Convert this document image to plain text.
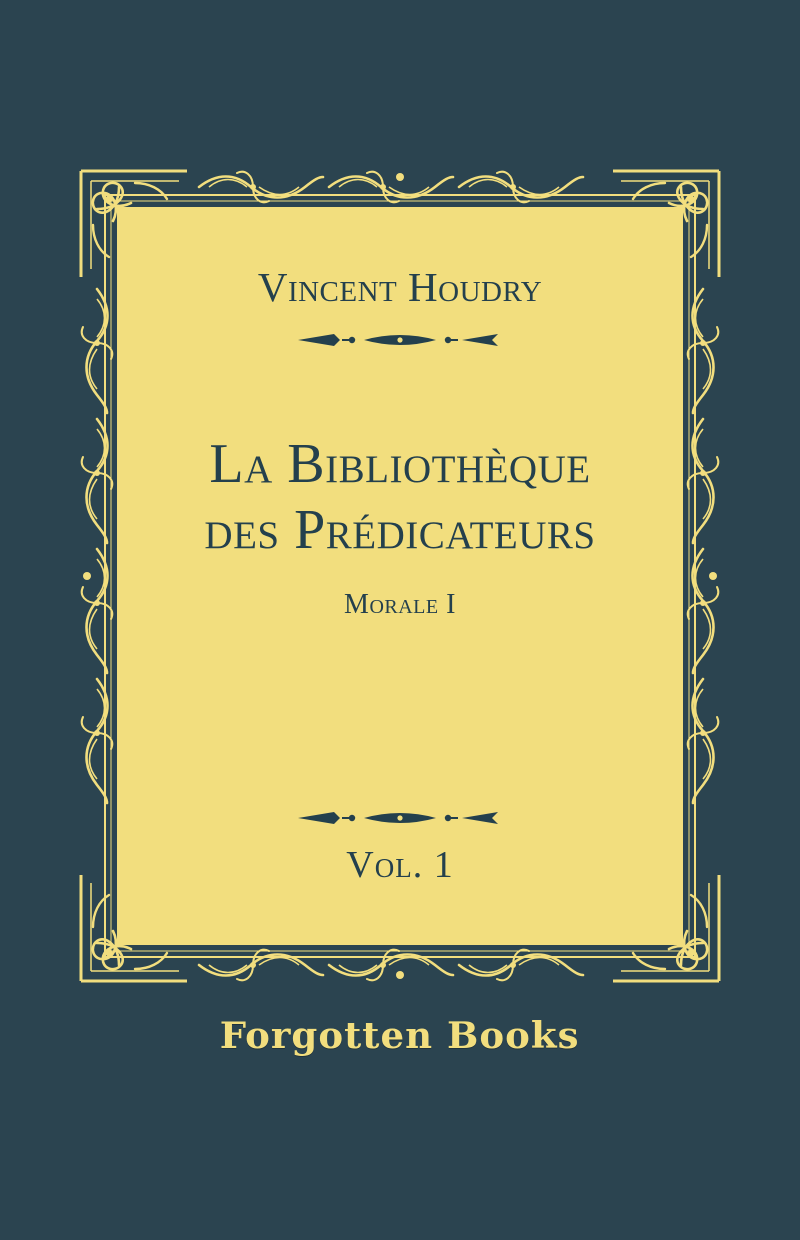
Vincent Houdry
La Bibliothèque des Prédicateurs
Morale I
Vol. 1
Forgotten Books
